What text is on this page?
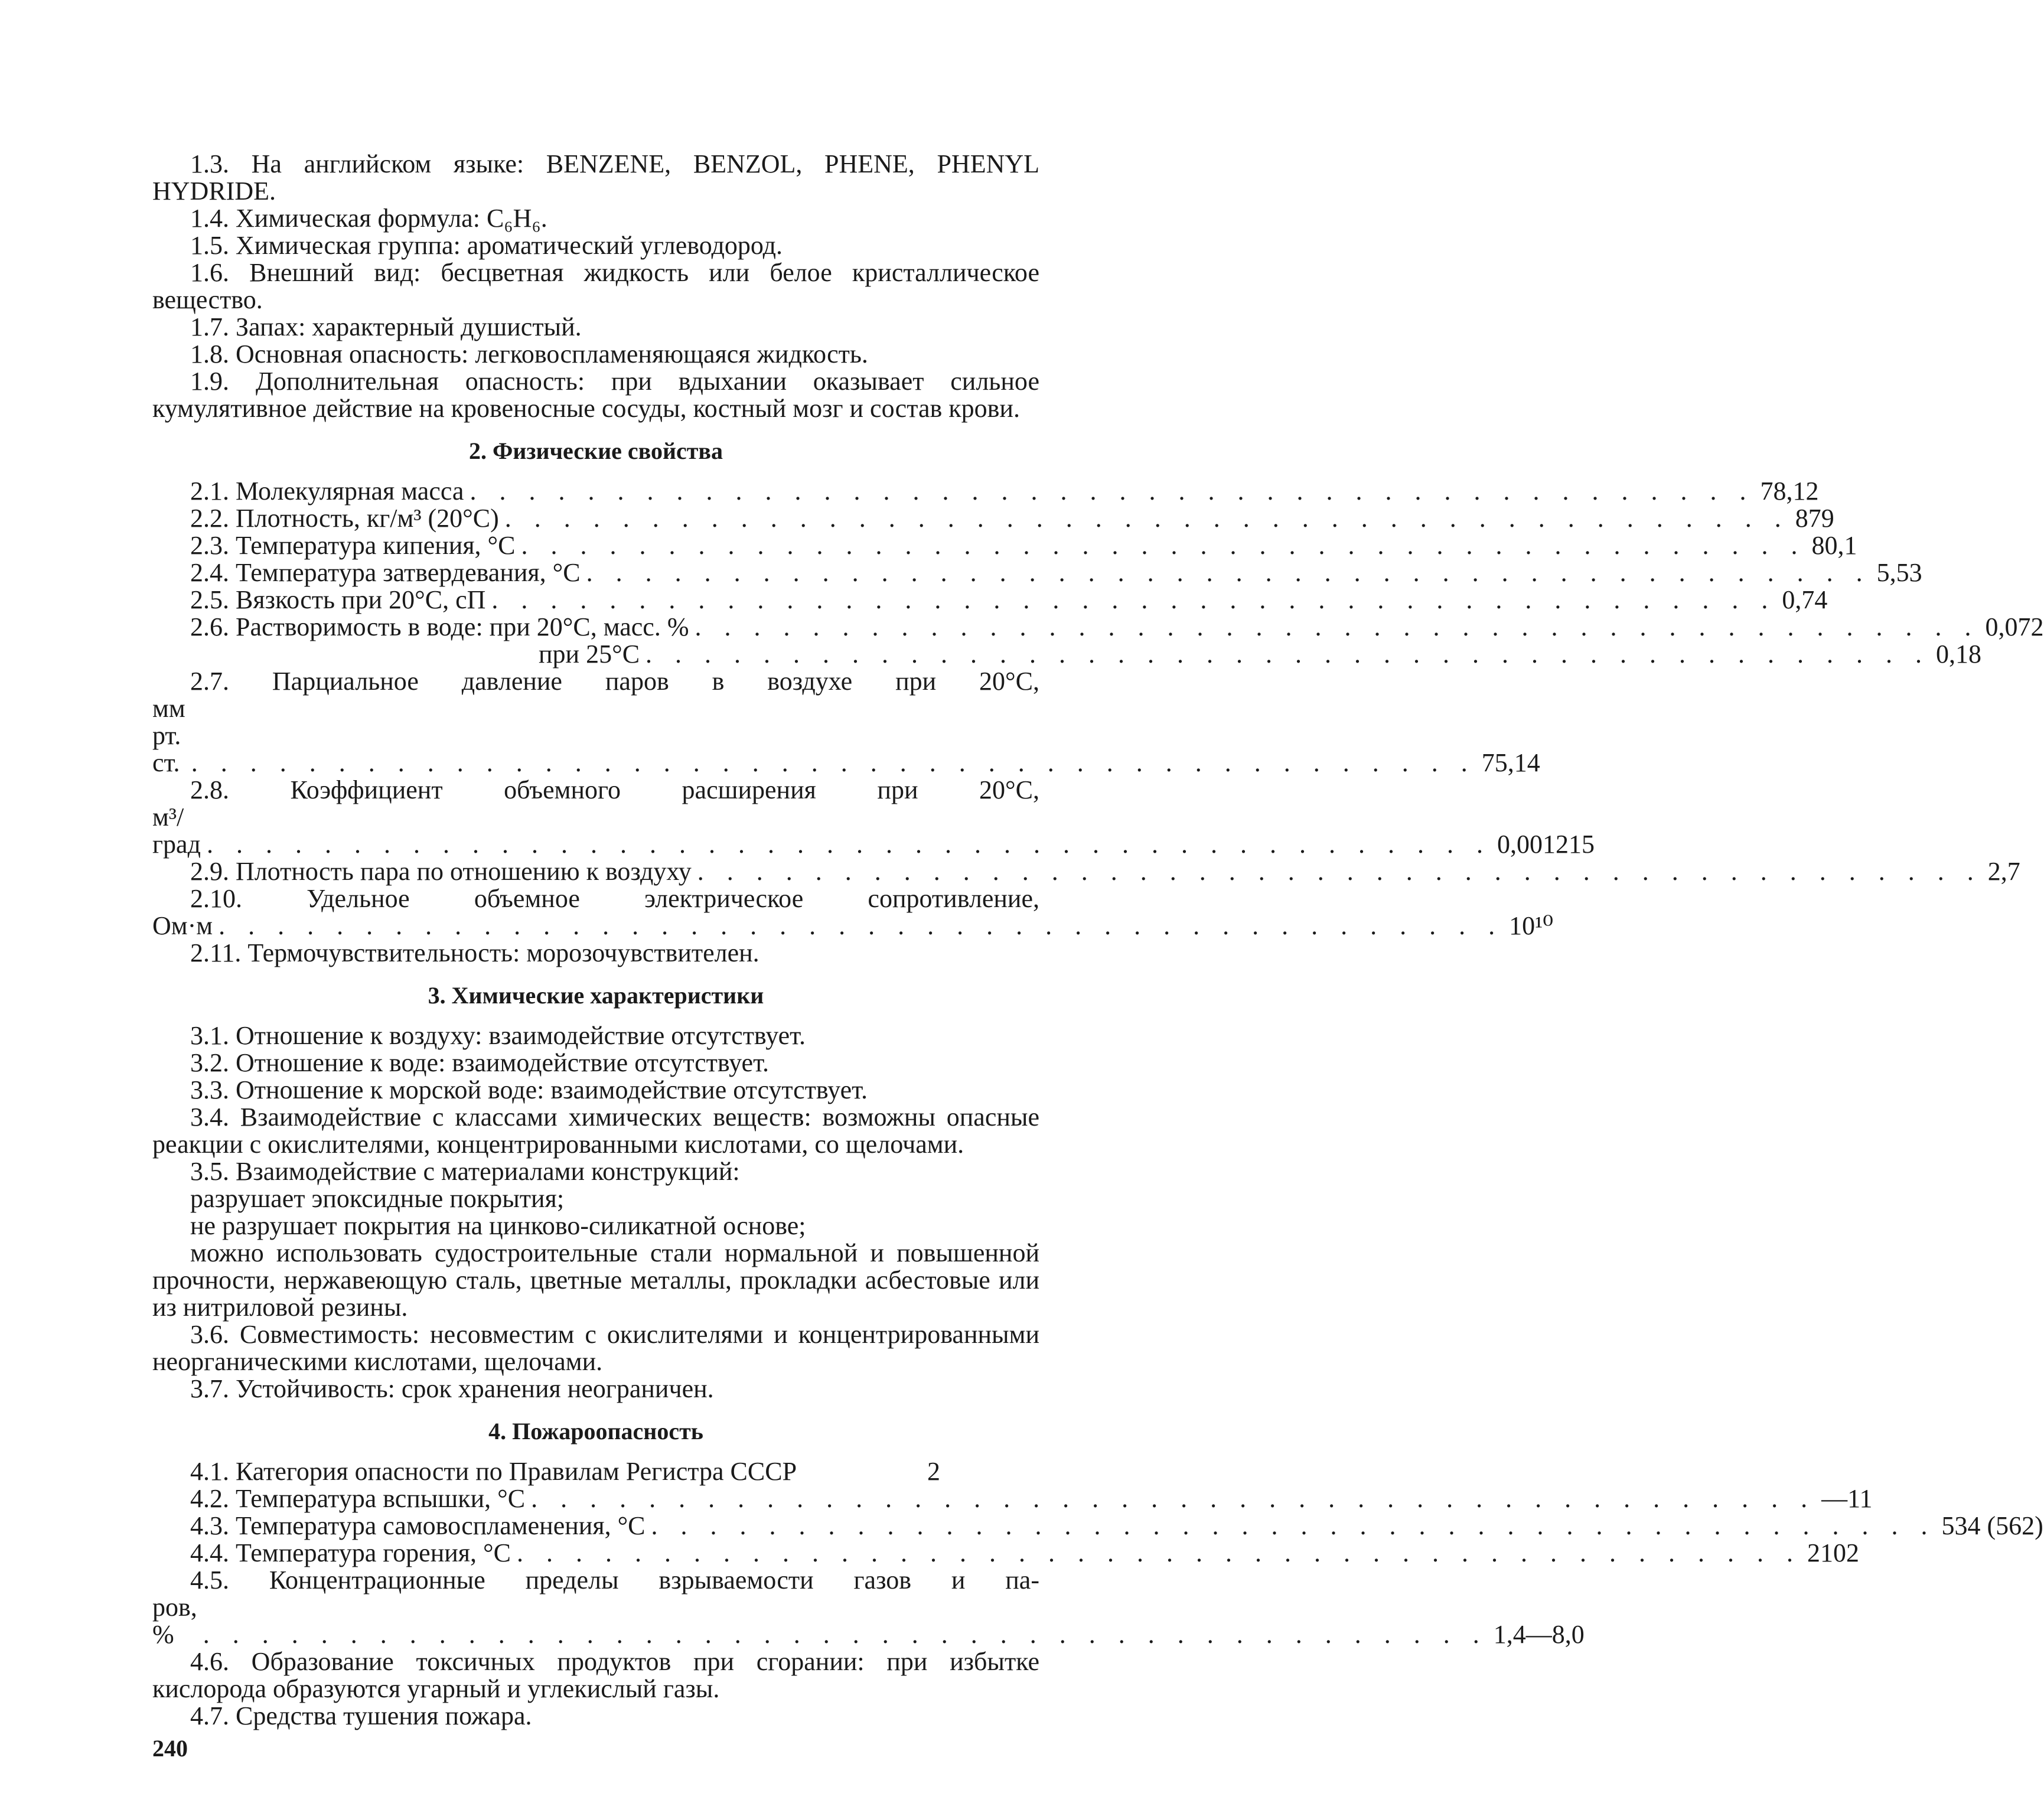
1.3. На английском языке: BENZENE, BENZOL, PHENE, PHENYL HYDRIDE.

1.4. Химическая формула: C₆H₆.

1.5. Химическая группа: ароматический углеводород.

1.6. Внешний вид: бесцветная жидкость или белое кристаллическое вещество.

1.7. Запах: характерный душистый.

1.8. Основная опасность: легковоспламеняющаяся жидкость.

1.9. Дополнительная опасность: при вдыхании оказывает сильное кумулятивное действие на кровеносные сосуды, костный мозг и состав крови.

2. Физические свойства
2.1. Молекулярная масса . . . . . . . . . . . . . . . . . . . . . . . . . . . . . . . . . . . . . . . . . . . . 78,12
2.2. Плотность, кг/м³ (20°С) . . . . . . . . . . . . . . . . . . . . . . . . . . . . . . . . . . . . . . . . . . . . 879
2.3. Температура кипения, °С . . . . . . . . . . . . . . . . . . . . . . . . . . . . . . . . . . . . . . . . . . . . 80,1
2.4. Температура затвердевания, °С . . . . . . . . . . . . . . . . . . . . . . . . . . . . . . . . . . . . . . . . . . . . 5,53
2.5. Вязкость при 20°С, сП . . . . . . . . . . . . . . . . . . . . . . . . . . . . . . . . . . . . . . . . . . . . 0,74
2.6. Растворимость в воде: при 20°С, масс. % . . . . . . . . . . . . . . . . . . . . . . . . . . . . . . . . . . . . . . . . . . . . 0,072
при 25°С . . . . . . . . . . . . . . . . . . . . . . . . . . . . . . . . . . . . . . . . . . . . 0,18
2.7. Парциальное давление паров в воздухе при 20°С,
мм рт. ст. . . . . . . . . . . . . . . . . . . . . . . . . . . . . . . . . . . . . . . . . . . . . 75,14
2.8. Коэффициент объемного расширения при 20°С,
м³/град . . . . . . . . . . . . . . . . . . . . . . . . . . . . . . . . . . . . . . . . . . . . 0,001215
2.9. Плотность пара по отношению к воздуху . . . . . . . . . . . . . . . . . . . . . . . . . . . . . . . . . . . . . . . . . . . . 2,7
2.10. Удельное объемное электрическое сопротивление,
Ом·м . . . . . . . . . . . . . . . . . . . . . . . . . . . . . . . . . . . . . . . . . . . . 10¹⁰

2.11. Термочувствительность: морозочувствителен.

3. Химические характеристики

3.1. Отношение к воздуху: взаимодействие отсутствует.

3.2. Отношение к воде: взаимодействие отсутствует.

3.3. Отношение к морской воде: взаимодействие отсутствует.

3.4. Взаимодействие с классами химических веществ: возможны опасные реакции с окислителями, концентрированными кислотами, со щелочами.

3.5. Взаимодействие с материалами конструкций:

разрушает эпоксидные покрытия;

не разрушает покрытия на цинково-силикатной основе;

можно использовать судостроительные стали нормальной и повышенной прочности, нержавеющую сталь, цветные металлы, прокладки асбестовые или из нитриловой резины.

3.6. Совместимость: несовместим с окислителями и концентрированными неорганическими кислотами, щелочами.

3.7. Устойчивость: срок хранения неограничен.

4. Пожароопасность
4.1. Категория опасности по Правилам Регистра СССР	2
4.2. Температура вспышки, °С . . . . . . . . . . . . . . . . . . . . . . . . . . . . . . . . . . . . . . . . . . . . —11
4.3. Температура самовоспламенения, °С . . . . . . . . . . . . . . . . . . . . . . . . . . . . . . . . . . . . . . . . . . . . 534 (562)
4.4. Температура горения, °С . . . . . . . . . . . . . . . . . . . . . . . . . . . . . . . . . . . . . . . . . . . . 2102
4.5. Концентрационные пределы взрываемости газов и па-
ров, %	. . . . . . . . . . . . . . . . . . . . . . . . . . . . . . . . . . . . . . . . . . . . 1,4—8,0

4.6. Образование токсичных продуктов при сгорании: при избытке кислорода образуются угарный и углекислый газы.

4.7. Средства тушения пожара.

240
